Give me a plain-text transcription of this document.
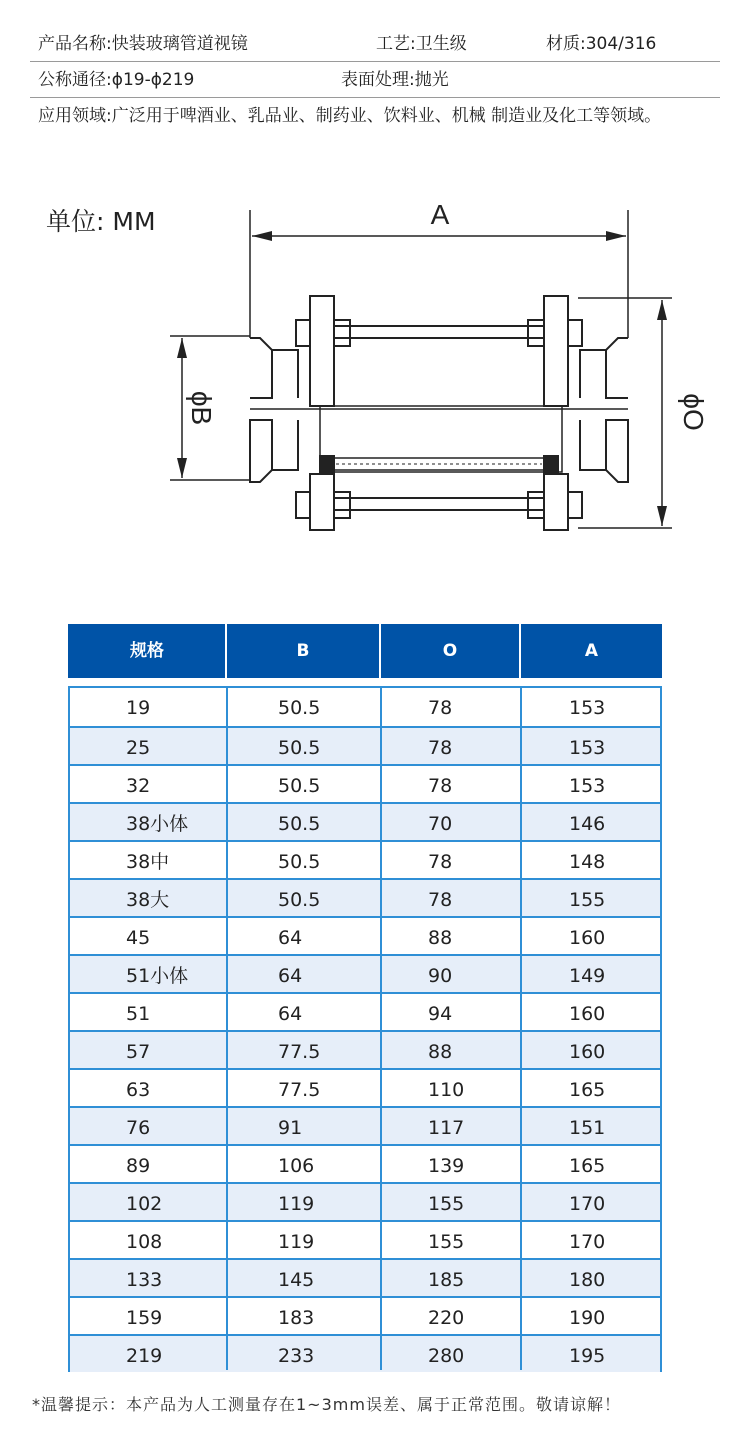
产品名称:快装玻璃管道视镜	工艺:卫生级	材质:304/316
公称通径:ϕ19-ϕ219	表面处理:抛光
应用领域:广泛用于啤酒业、乳品业、制药业、饮料业、机械 制造业及化工等领域。
单位: MM	A
ϕB	ϕO
规格	B	O	A
219	233	280	195
159	183	220	190
133	145	185	180
108	119	155	170
102	119	155	170
89	106	139	165
76	91	117	151
63	77.5	110	165
57	77.5	88	160
51	64	94	160
51小体	64	90	149
45	64	88	160
38大	50.5	78	155
38中	50.5	78	148
38小体	50.5	70	146
32	50.5	78	153
25	50.5	78	153
19	50.5	78	153
*温馨提示：本产品为人工测量存在1~3mm误差、属于正常范围。敬请谅解！
